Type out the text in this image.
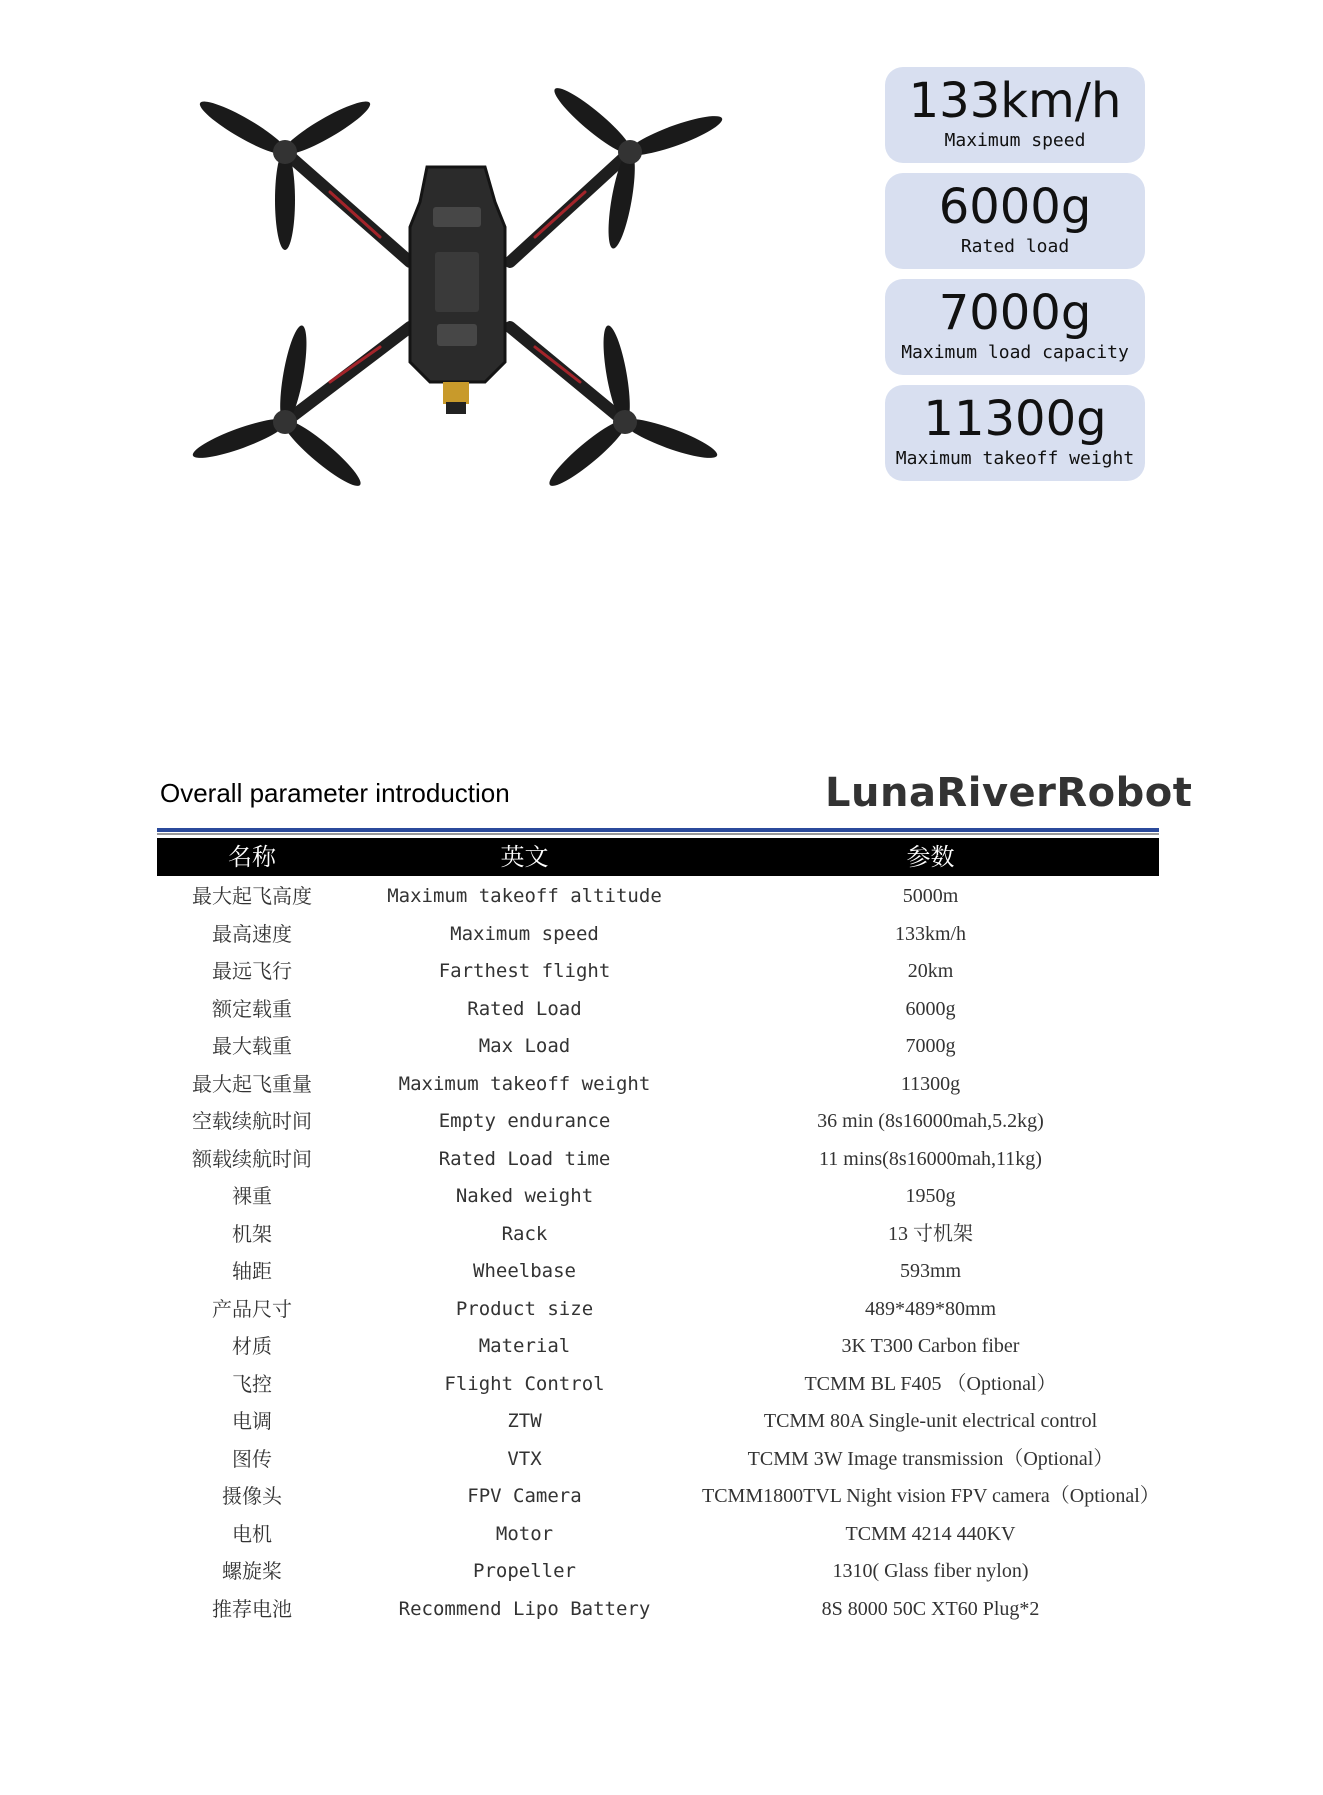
133km/h
Maximum speed
6000g
Rated load
7000g
Maximum load capacity
11300g
Maximum takeoff weight
Overall parameter introduction	LunaRiverRobot
名称	英文	参数
最大起飞高度	Maximum takeoff altitude	5000m
最高速度	Maximum speed	133km/h
最远飞行	Farthest flight	20km
额定载重	Rated Load	6000g
最大载重	Max Load	7000g
最大起飞重量	Maximum takeoff weight	11300g
空载续航时间	Empty endurance	36 min (8s16000mah,5.2kg)
额载续航时间	Rated Load time	11 mins(8s16000mah,11kg)
裸重	Naked weight	1950g
机架	Rack	13 寸机架
轴距	Wheelbase	593mm
产品尺寸	Product size	489*489*80mm
材质	Material	3K T300 Carbon fiber
飞控	Flight Control	TCMM BL F405 （Optional）
电调	ZTW	TCMM 80A Single-unit electrical control
图传	VTX	TCMM 3W Image transmission（Optional）
摄像头	FPV Camera	TCMM1800TVL Night vision FPV camera（Optional）
电机	Motor	TCMM 4214 440KV
螺旋桨	Propeller	1310( Glass fiber nylon)
推荐电池	Recommend Lipo Battery	8S 8000 50C XT60 Plug*2
